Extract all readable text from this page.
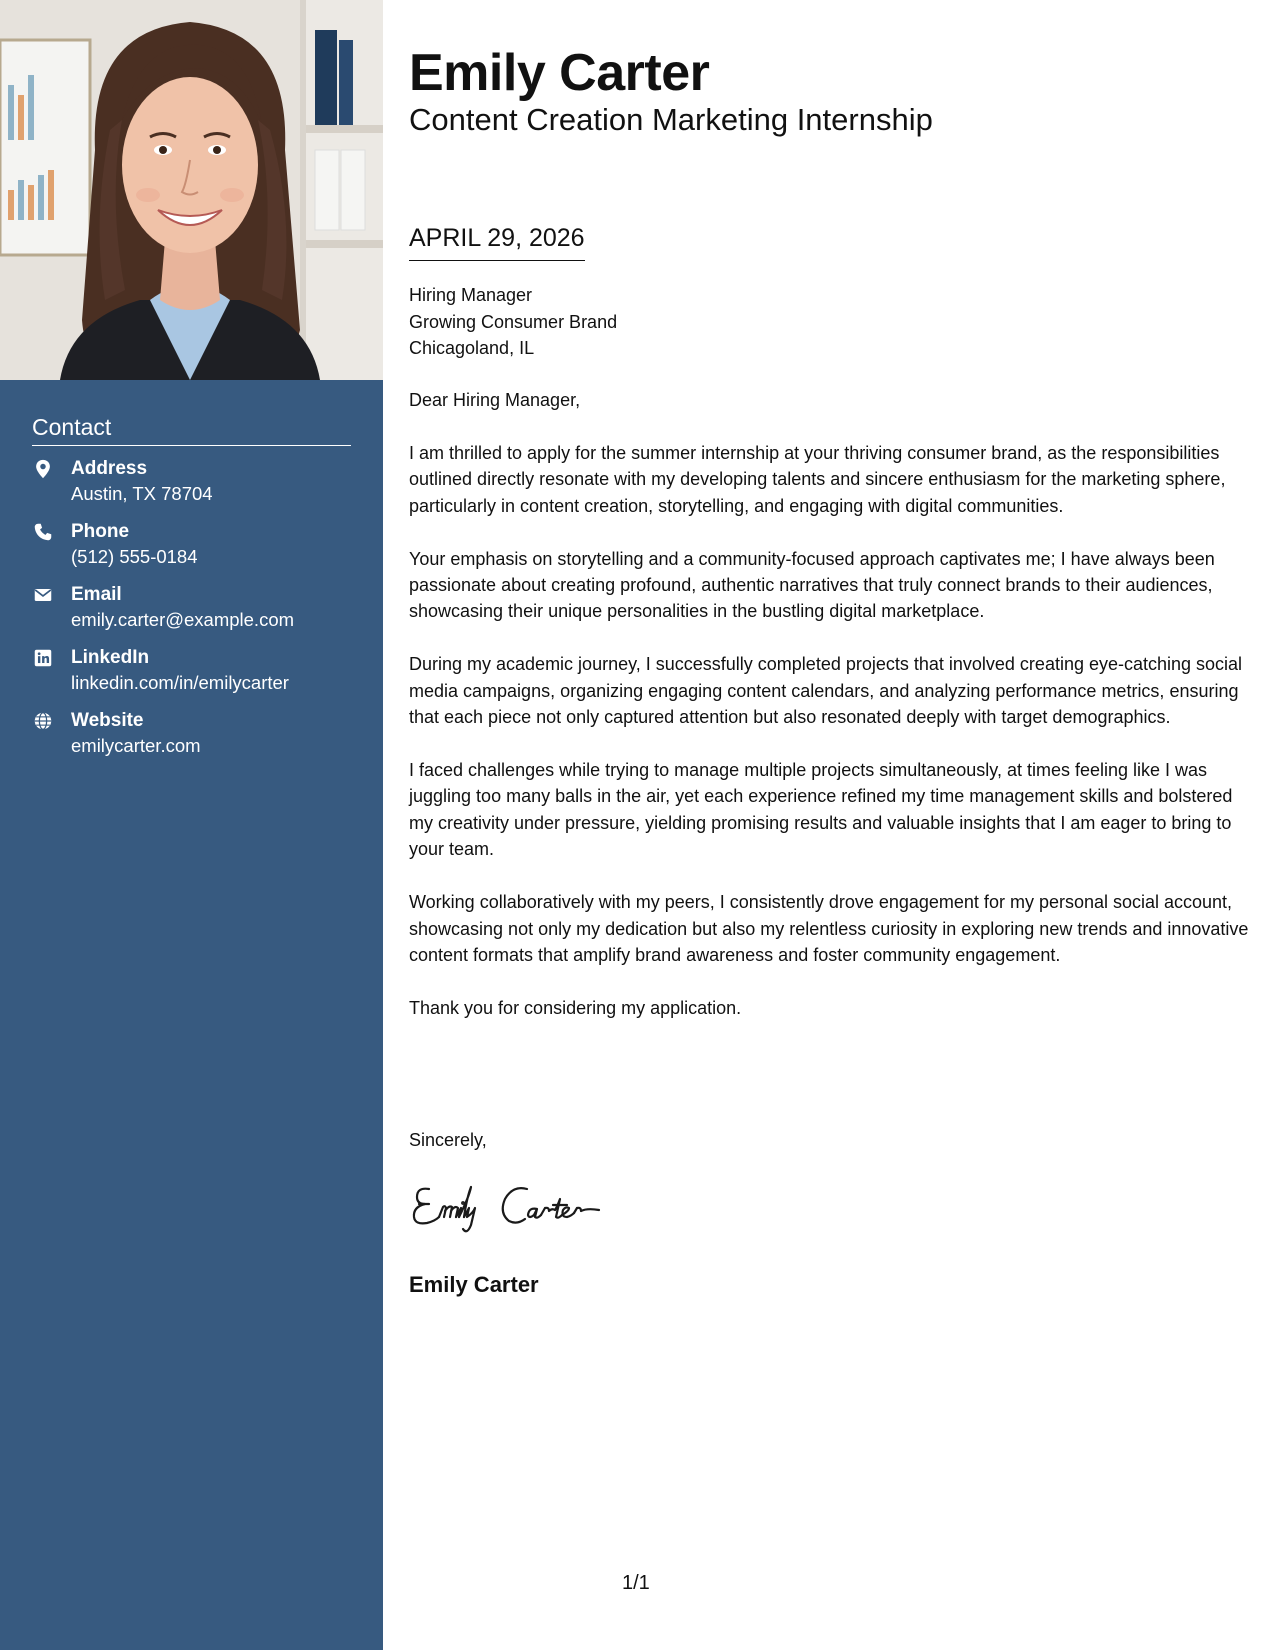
Contact
Address
Austin, TX 78704
Phone
(512) 555-0184
Email
emily.carter@example.com
LinkedIn
linkedin.com/in/emilycarter
Website
emilycarter.com
Emily Carter
Content Creation Marketing Internship
APRIL 29, 2026
Hiring Manager
Growing Consumer Brand
Chicagoland, IL

Dear Hiring Manager,

I am thrilled to apply for the summer internship at your thriving consumer brand, as the responsibilities outlined directly resonate with my developing talents and sincere enthusiasm for the marketing sphere, particularly in content creation, storytelling, and engaging with digital communities.

Your emphasis on storytelling and a community-focused approach captivates me; I have always been passionate about creating profound, authentic narratives that truly connect brands to their audiences, showcasing their unique personalities in the bustling digital marketplace.

During my academic journey, I successfully completed projects that involved creating eye-catching social media campaigns, organizing engaging content calendars, and analyzing performance metrics, ensuring that each piece not only captured attention but also resonated deeply with target demographics.

I faced challenges while trying to manage multiple projects simultaneously, at times feeling like I was juggling too many balls in the air, yet each experience refined my time management skills and bolstered my creativity under pressure, yielding promising results and valuable insights that I am eager to bring to your team.

Working collaboratively with my peers, I consistently drove engagement for my personal social account, showcasing not only my dedication but also my relentless curiosity in exploring new trends and innovative content formats that amplify brand awareness and foster community engagement.

Thank you for considering my application.

Sincerely,
Emily Carter
1/1
